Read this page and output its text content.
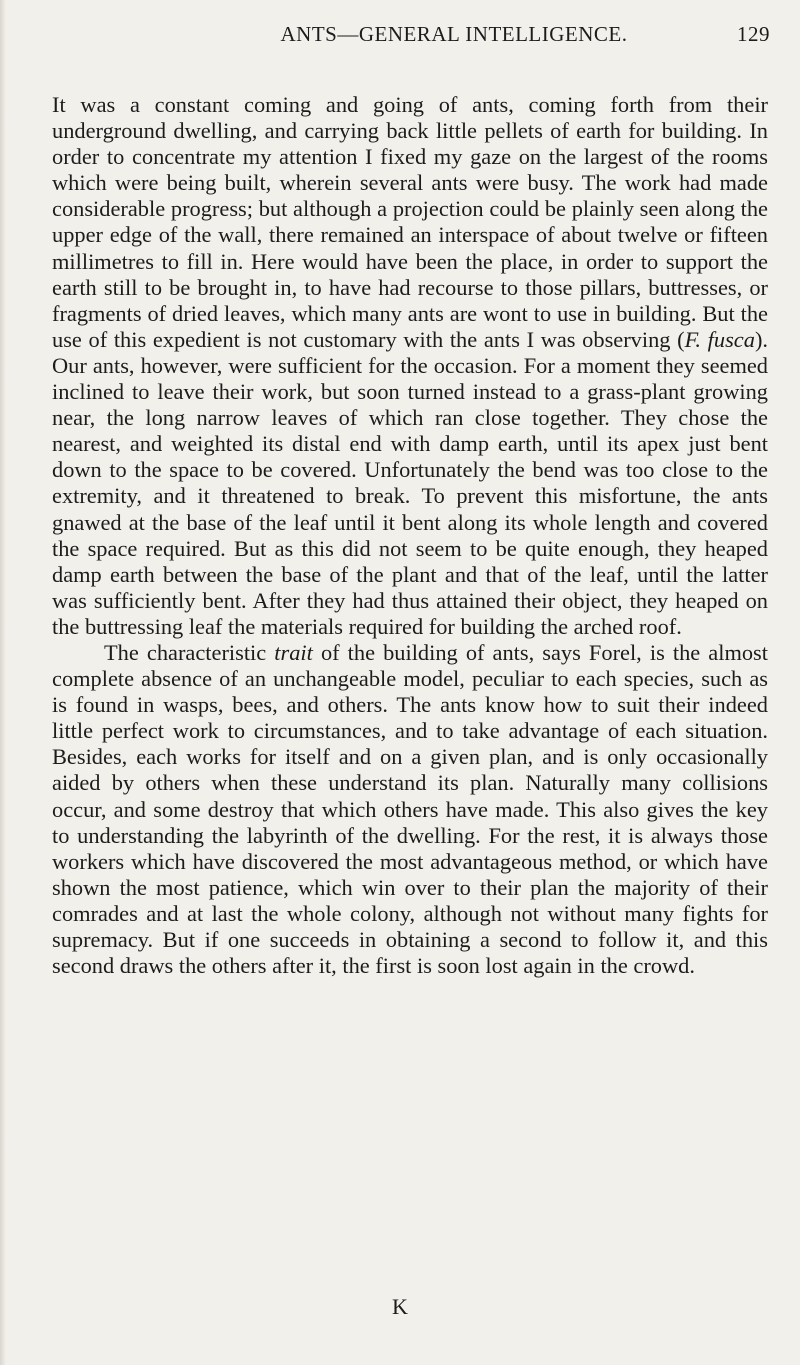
ANTS—GENERAL INTELLIGENCE.	129

It was a constant coming and going of ants, coming forth from their underground dwelling, and carrying back little pellets of earth for building. In order to concentrate my attention I fixed my gaze on the largest of the rooms which were being built, wherein several ants were busy. The work had made considerable progress; but although a projection could be plainly seen along the upper edge of the wall, there remained an interspace of about twelve or fifteen millimetres to fill in. Here would have been the place, in order to support the earth still to be brought in, to have had recourse to those pillars, buttresses, or fragments of dried leaves, which many ants are wont to use in building. But the use of this expedient is not customary with the ants I was observing (F. fusca). Our ants, however, were sufficient for the occasion. For a moment they seemed inclined to leave their work, but soon turned instead to a grass-plant growing near, the long narrow leaves of which ran close together. They chose the nearest, and weighted its distal end with damp earth, until its apex just bent down to the space to be covered. Unfortunately the bend was too close to the extremity, and it threatened to break. To prevent this misfortune, the ants gnawed at the base of the leaf until it bent along its whole length and covered the space required. But as this did not seem to be quite enough, they heaped damp earth between the base of the plant and that of the leaf, until the latter was sufficiently bent. After they had thus attained their object, they heaped on the buttressing leaf the materials required for building the arched roof.

The characteristic trait of the building of ants, says Forel, is the almost complete absence of an unchangeable model, peculiar to each species, such as is found in wasps, bees, and others. The ants know how to suit their indeed little perfect work to circumstances, and to take advantage of each situation. Besides, each works for itself and on a given plan, and is only occasionally aided by others when these understand its plan. Naturally many collisions occur, and some destroy that which others have made. This also gives the key to understanding the labyrinth of the dwelling. For the rest, it is always those workers which have discovered the most advantageous method, or which have shown the most patience, which win over to their plan the majority of their comrades and at last the whole colony, although not without many fights for supremacy. But if one succeeds in obtaining a second to follow it, and this second draws the others after it, the first is soon lost again in the crowd.

K
